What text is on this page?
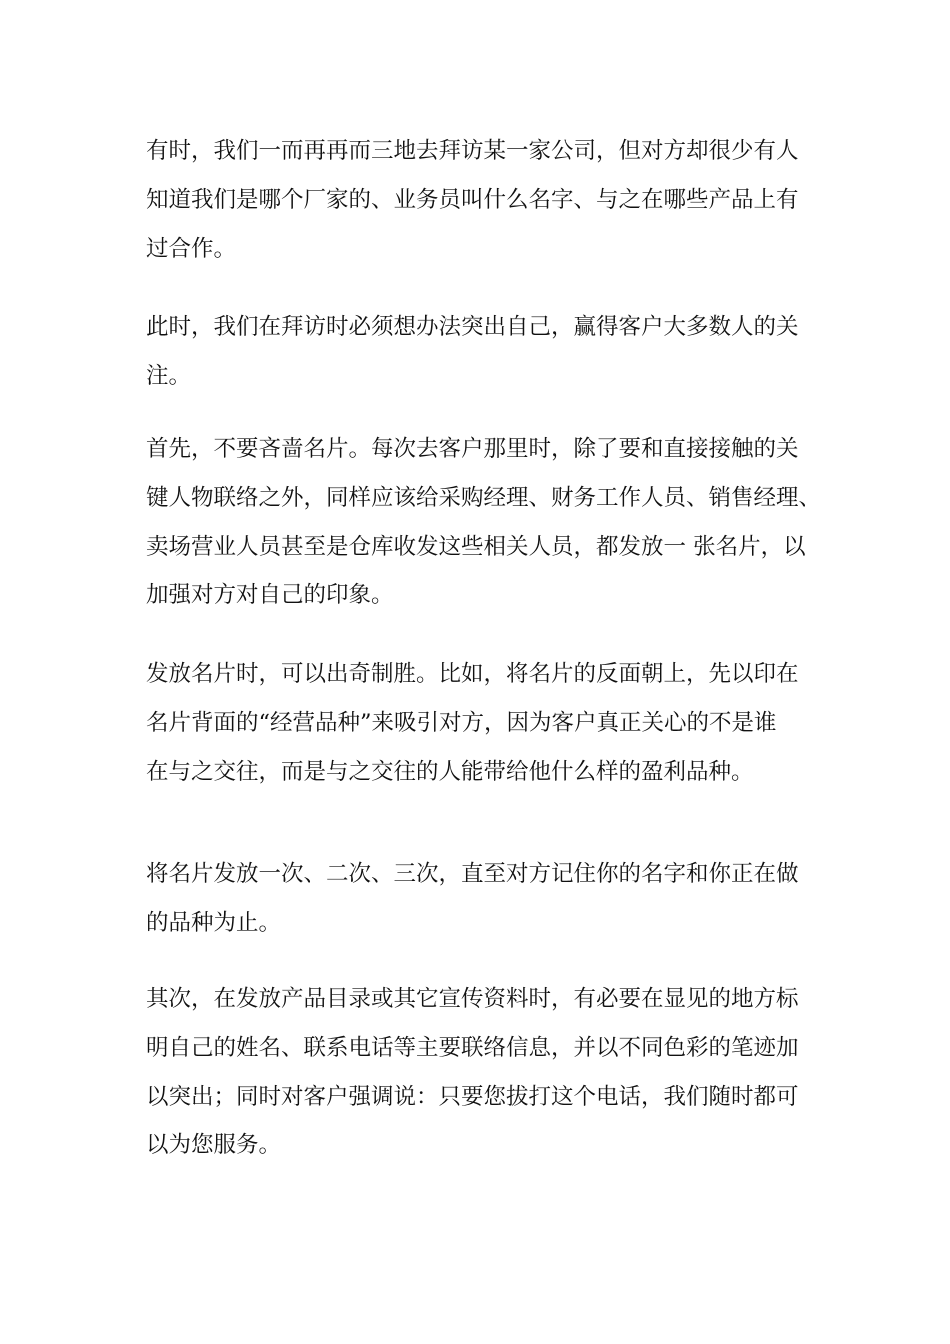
有时，我们一而再再而三地去拜访某一家公司，但对方却很少有人
知道我们是哪个厂家的、业务员叫什么名字、与之在哪些产品上有
过合作。
此时，我们在拜访时必须想办法突出自己，赢得客户大多数人的关
注。
首先，不要吝啬名片。每次去客户那里时，除了要和直接接触的关
键人物联络之外，同样应该给采购经理、财务工作人员、销售经理、
卖场营业人员甚至是仓库收发这些相关人员，都发放一 张名片，以
加强对方对自己的印象。
发放名片时，可以出奇制胜。比如，将名片的反面朝上，先以印在
名片背面的“经营品种”来吸引对方，因为客户真正关心的不是谁
在与之交往，而是与之交往的人能带给他什么样的盈利品种。
将名片发放一次、二次、三次，直至对方记住你的名字和你正在做
的品种为止。
其次，在发放产品目录或其它宣传资料时，有必要在显见的地方标
明自己的姓名、联系电话等主要联络信息，并以不同色彩的笔迹加
以突出；同时对客户强调说：只要您拔打这个电话，我们随时都可
以为您服务。
